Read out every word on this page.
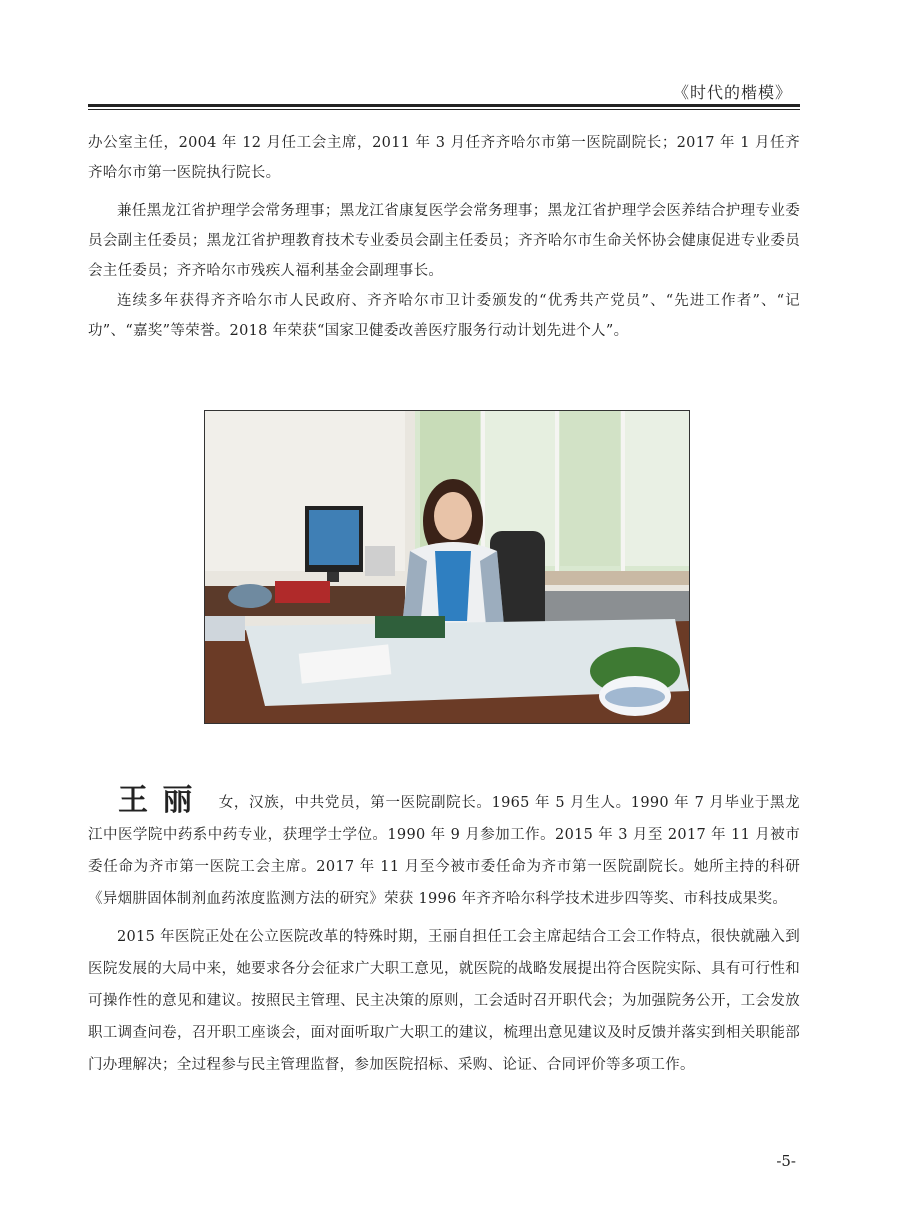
《时代的楷模》

办公室主任，2004 年 12 月任工会主席，2011 年 3 月任齐齐哈尔市第一医院副院长；2017 年 1 月任齐齐哈尔市第一医院执行院长。

兼任黑龙江省护理学会常务理事；黑龙江省康复医学会常务理事；黑龙江省护理学会医养结合护理专业委员会副主任委员；黑龙江省护理教育技术专业委员会副主任委员；齐齐哈尔市生命关怀协会健康促进专业委员会主任委员；齐齐哈尔市残疾人福利基金会副理事长。

连续多年获得齐齐哈尔市人民政府、齐齐哈尔市卫计委颁发的“优秀共产党员”、“先进工作者”、“记功”、“嘉奖”等荣誉。2018 年荣获“国家卫健委改善医疗服务行动计划先进个人”。

王丽 女，汉族，中共党员，第一医院副院长。1965 年 5 月生人。1990 年 7 月毕业于黑龙江中医学院中药系中药专业，获理学士学位。1990 年 9 月参加工作。2015 年 3 月至 2017 年 11 月被市委任命为齐市第一医院工会主席。2017 年 11 月至今被市委任命为齐市第一医院副院长。她所主持的科研《异烟肼固体制剂血药浓度监测方法的研究》荣获 1996 年齐齐哈尔科学技术进步四等奖、市科技成果奖。

2015 年医院正处在公立医院改革的特殊时期，王丽自担任工会主席起结合工会工作特点，很快就融入到医院发展的大局中来，她要求各分会征求广大职工意见，就医院的战略发展提出符合医院实际、具有可行性和可操作性的意见和建议。按照民主管理、民主决策的原则，工会适时召开职代会；为加强院务公开，工会发放职工调查问卷，召开职工座谈会，面对面听取广大职工的建议，梳理出意见建议及时反馈并落实到相关职能部门办理解决；全过程参与民主管理监督，参加医院招标、采购、论证、合同评价等多项工作。

-5-
